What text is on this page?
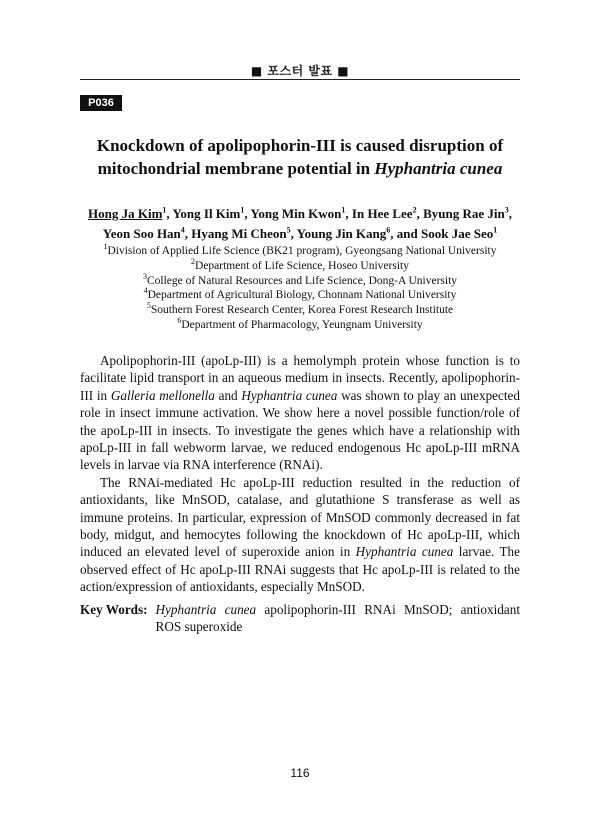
■ 포스터 발표 ■
P036
Knockdown of apolipophorin-III is caused disruption of
mitochondrial membrane potential in Hyphantria cunea
Hong Ja Kim$^1$, Yong Il Kim$^1$, Yong Min Kwon$^1$, In Hee Lee$^2$, Byung Rae Jin$^3$,
Yeon Soo Han$^4$, Hyang Mi Cheon$^5$, Young Jin Kang$^6$, and Sook Jae Seo$^1$
$^1$Division of Applied Life Science (BK21 program), Gyeongsang National University
$^2$Department of Life Science, Hoseo University
$^3$College of Natural Resources and Life Science, Dong-A University
$^4$Department of Agricultural Biology, Chonnam National University
$^5$Southern Forest Research Center, Korea Forest Research Institute
$^6$Department of Pharmacology, Yeungnam University

Apolipophorin-III (apoLp-III) is a hemolymph protein whose function is to facilitate lipid transport in an aqueous medium in insects. Recently, apolipophorin-III in Galleria mellonella and Hyphantria cunea was shown to play an unexpected role in insect immune activation. We show here a novel possible function/role of the apoLp-III in insects. To investigate the genes which have a relationship with apoLp-III in fall webworm larvae, we reduced endogenous Hc apoLp-III mRNA levels in larvae via RNA interference (RNAi).

The RNAi-mediated Hc apoLp-III reduction resulted in the reduction of antioxidants, like MnSOD, catalase, and glutathione S transferase as well as immune proteins. In particular, expression of MnSOD commonly decreased in fat body, midgut, and hemocytes following the knockdown of Hc apoLp-III, which induced an elevated level of superoxide anion in Hyphantria cunea larvae. The observed effect of Hc apoLp-III RNAi suggests that Hc apoLp-III is related to the action/expression of antioxidants, especially MnSOD.

Key Words: Hyphantria cunea apolipophorin-III RNAi MnSOD; antioxidant ROS superoxide
116
